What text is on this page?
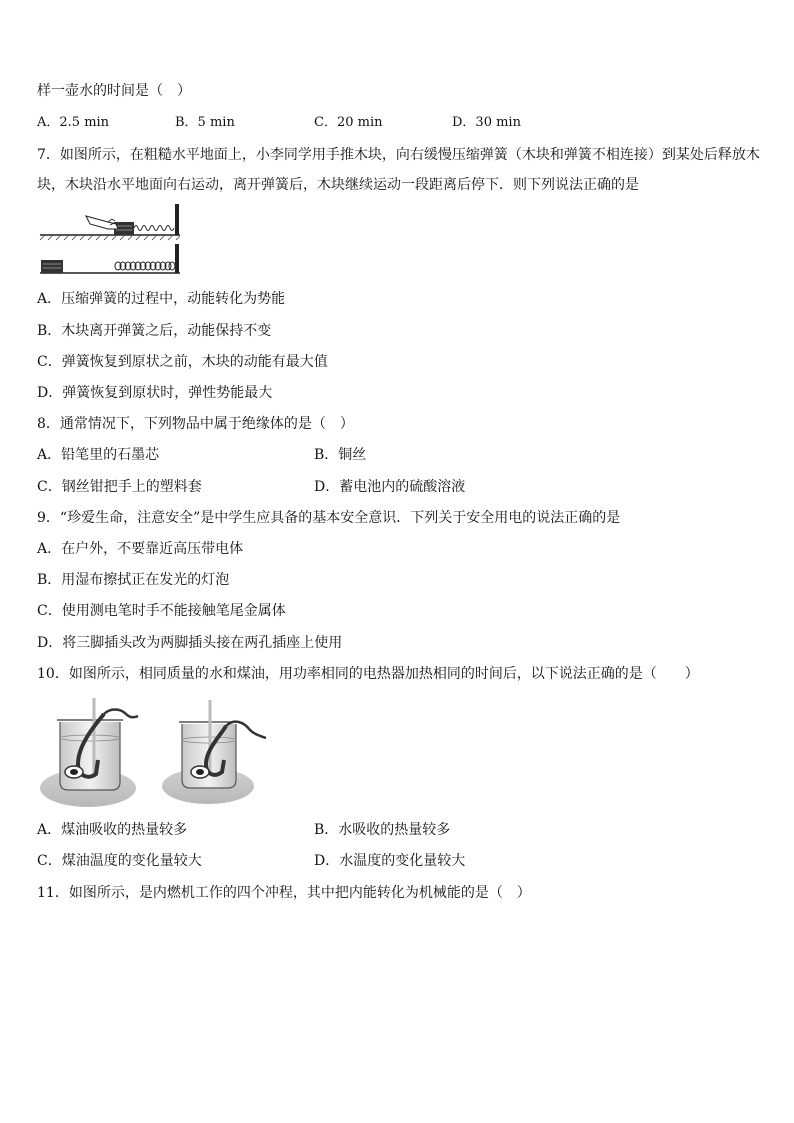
样一壶水的时间是（　）
A．2.5 min	B．5 min	C．20 min	D．30 min
7．如图所示，在粗糙水平地面上，小李同学用手推木块，向右缓慢压缩弹簧（木块和弹簧不相连接）到某处后释放木
块，木块沿水平地面向右运动，离开弹簧后，木块继续运动一段距离后停下．则下列说法正确的是
A．压缩弹簧的过程中，动能转化为势能
B．木块离开弹簧之后，动能保持不变
C．弹簧恢复到原状之前，木块的动能有最大值
D．弹簧恢复到原状时，弹性势能最大
8．通常情况下，下列物品中属于绝缘体的是（　）
A．铅笔里的石墨芯	B．铜丝
C．钢丝钳把手上的塑料套	D．蓄电池内的硫酸溶液
9．“珍爱生命，注意安全”是中学生应具备的基本安全意识．下列关于安全用电的说法正确的是
A．在户外，不要靠近高压带电体
B．用湿布擦拭正在发光的灯泡
C．使用测电笔时手不能接触笔尾金属体
D．将三脚插头改为两脚插头接在两孔插座上使用
10．如图所示，相同质量的水和煤油，用功率相同的电热器加热相同的时间后，以下说法正确的是（　　）
A．煤油吸收的热量较多	B．水吸收的热量较多
C．煤油温度的变化量较大	D．水温度的变化量较大
11．如图所示，是内燃机工作的四个冲程，其中把内能转化为机械能的是（　）
